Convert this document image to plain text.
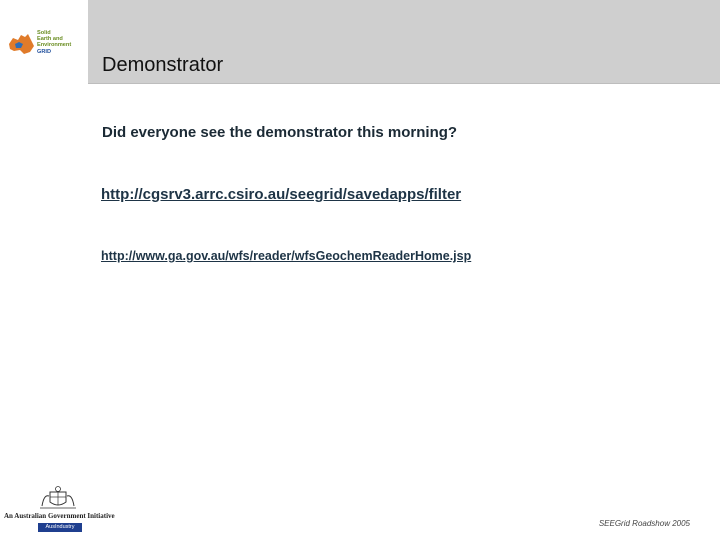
Solid
Earth and
Environment
GRID
Demonstrator
Did everyone see the demonstrator this morning?
http://cgsrv3.arrc.csiro.au/seegrid/savedapps/filter
http://www.ga.gov.au/wfs/reader/wfsGeochemReaderHome.jsp
An Australian Government Initiative
AusIndustry	SEEGrid Roadshow 2005
